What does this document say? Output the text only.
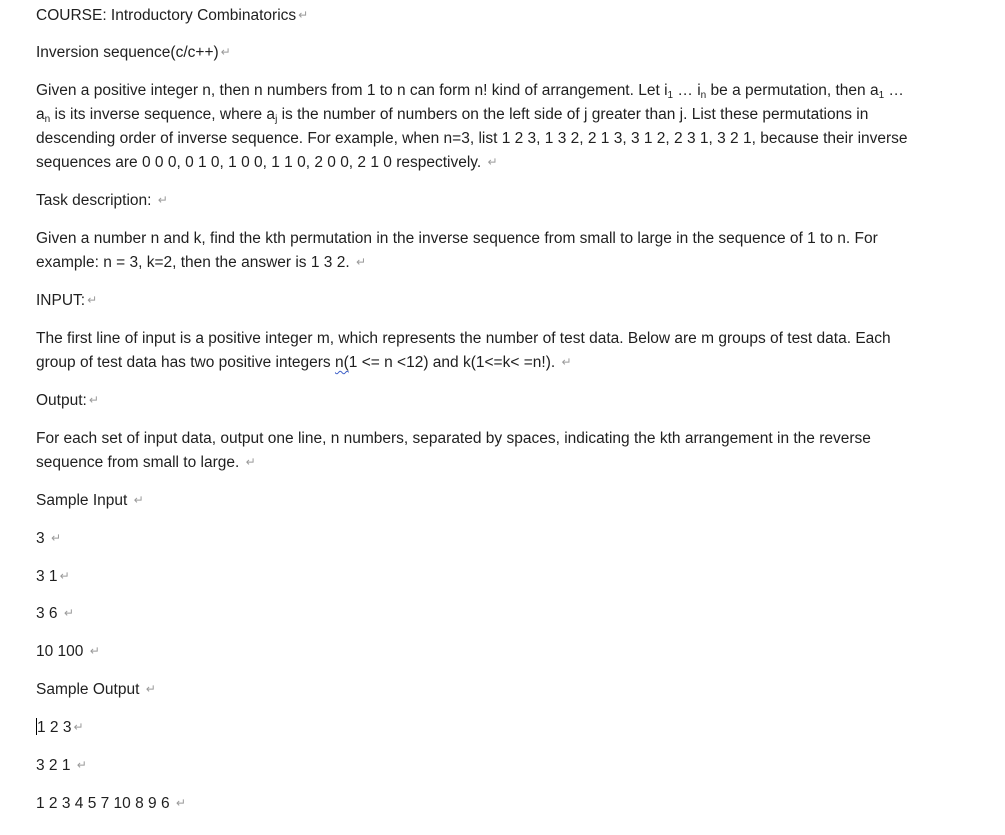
COURSE: Introductory Combinatorics ↵
Inversion sequence(c/c++) ↵
Given a positive integer n, then n numbers from 1 to n can form n! kind of arrangement. Let $i_1$ … $i_n$ be a permutation, then $a_1$ …
$a_n$ is its inverse sequence, where $a_j$ is the number of numbers on the left side of j greater than j. List these permutations in
descending order of inverse sequence. For example, when n=3, list 1 2 3, 1 3 2, 2 1 3, 3 1 2, 2 3 1, 3 2 1, because their inverse
sequences are 0 0 0, 0 1 0, 1 0 0, 1 1 0, 2 0 0, 2 1 0 respectively. ↵
Task description: ↵
Given a number n and k, find the kth permutation in the inverse sequence from small to large in the sequence of 1 to n. For
example: n = 3, k=2, then the answer is 1 3 2. ↵
INPUT: ↵
The first line of input is a positive integer m, which represents the number of test data. Below are m groups of test data. Each
group of test data has two positive integers n(1 <= n <12) and k(1<=k< =n!). ↵
Output: ↵
For each set of input data, output one line, n numbers, separated by spaces, indicating the kth arrangement in the reverse
sequence from small to large. ↵
Sample Input ↵
3 ↵
3 1 ↵
3 6 ↵
10 100 ↵
Sample Output ↵
1 2 3 ↵
3 2 1 ↵
1 2 3 4 5 7 10 8 9 6 ↵
